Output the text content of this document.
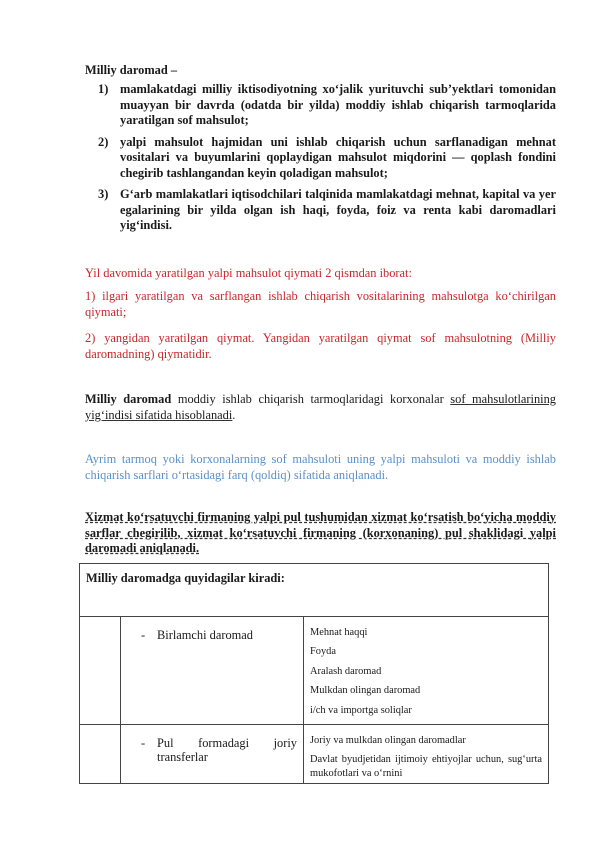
Milliy daromad –
1) mamlakatdagi milliy iktisodiyotning xo‘jalik yurituvchi sub’yektlari tomonidan muayyan bir davrda (odatda bir yilda) moddiy ishlab chiqarish tarmoqlarida yaratilgan sof mahsulot;
2) yalpi mahsulot hajmidan uni ishlab chiqarish uchun sarflanadigan mehnat vositalari va buyumlarini qoplaydigan mahsulot miqdorini — qoplash fondini chegirib tashlangandan keyin qoladigan mahsulot;
3) G‘arb mamlakatlari iqtisodchilari talqinida mamlakatdagi mehnat, kapital va yer egalarining bir yilda olgan ish haqi, foyda, foiz va renta kabi daromadlari yig‘indisi.
Yil davomida yaratilgan yalpi mahsulot qiymati 2 qismdan iborat:
1) ilgari yaratilgan va sarflangan ishlab chiqarish vositalarining mahsulotga ko‘chirilgan qiymati;
2) yangidan yaratilgan qiymat. Yangidan yaratilgan qiymat sof mahsulotning (Milliy daromadning) qiymatidir.
Milliy daromad moddiy ishlab chiqarish tarmoqlaridagi korxonalar sof mahsulotlarining yig‘indisi sifatida hisoblanadi.
Ayrim tarmoq yoki korxonalarning sof mahsuloti uning yalpi mahsuloti va moddiy ishlab chiqarish sarflari o‘rtasidagi farq (qoldiq) sifatida aniqlanadi.
Xizmat ko‘rsatuvchi firmaning yalpi pul tushumidan xizmat ko‘rsatish bo‘yicha moddiy sarflar chegirilib, xizmat ko‘rsatuvchi firmaning (korxonaning) pul shaklidagi yalpi daromadi aniqlanadi.
Milliy daromadga quyidagilar kiradi:		

	- Birlamchi daromad	Mehnat haqqi
Foyda
Aralash daromad
Mulkdan olingan daromad
i/ch va importga soliqlar

	- Pul formadagi joriy transferlar	Joriy va mulkdan olingan daromadlar
Davlat byudjetidan ijtimoiy ehtiyojlar uchun, sug‘urta mukofotlari va o‘rnini
